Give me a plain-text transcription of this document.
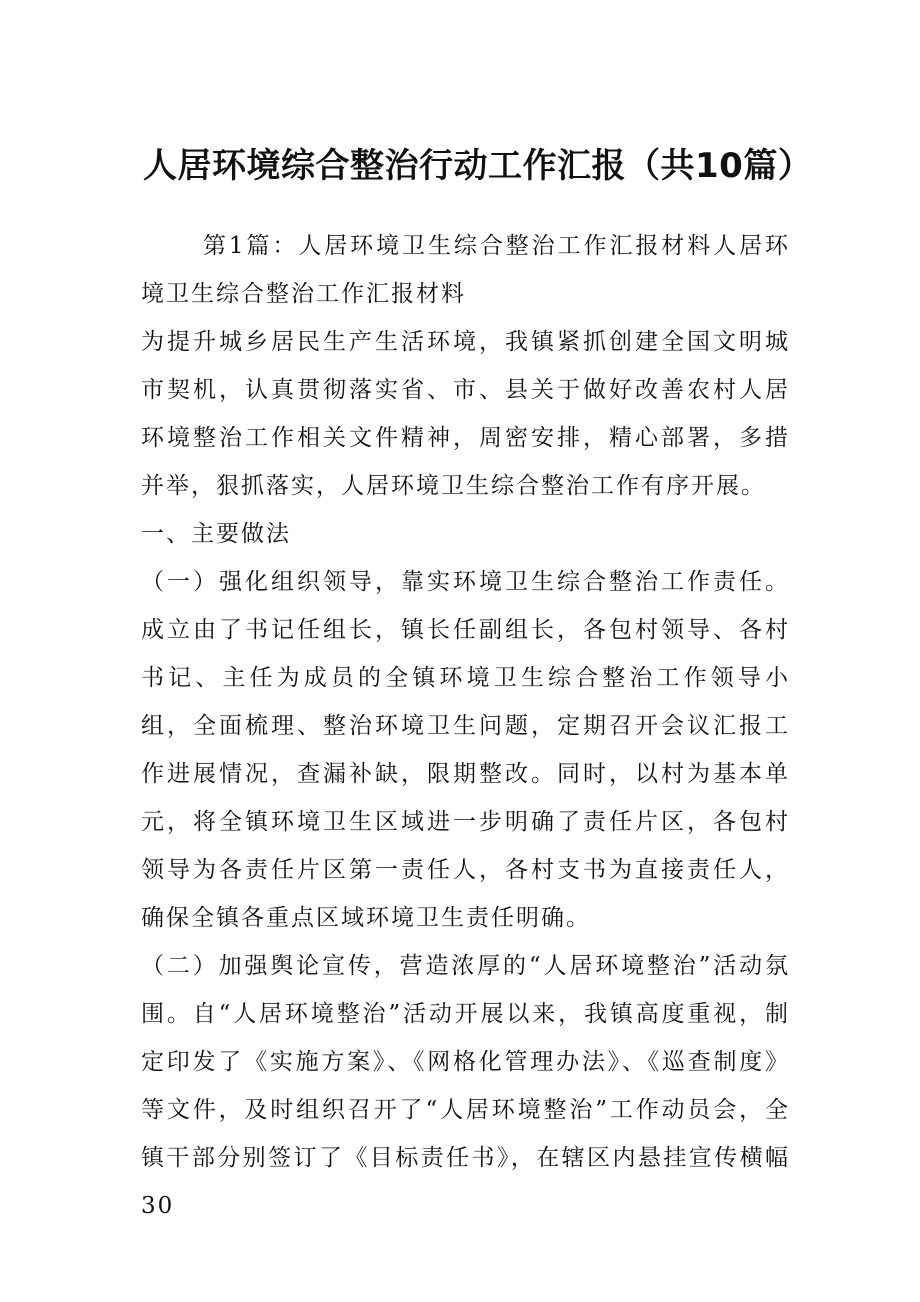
人居环境综合整治行动工作汇报（共10篇）

第1篇：人居环境卫生综合整治工作汇报材料人居环境卫生综合整治工作汇报材料

为提升城乡居民生产生活环境，我镇紧抓创建全国文明城市契机，认真贯彻落实省、市、县关于做好改善农村人居环境整治工作相关文件精神，周密安排，精心部署，多措并举，狠抓落实，人居环境卫生综合整治工作有序开展。

一、主要做法

（一）强化组织领导，靠实环境卫生综合整治工作责任。成立由了书记任组长，镇长任副组长，各包村领导、各村书记、主任为成员的全镇环境卫生综合整治工作领导小组，全面梳理、整治环境卫生问题，定期召开会议汇报工作进展情况，查漏补缺，限期整改。同时，以村为基本单元，将全镇环境卫生区域进一步明确了责任片区，各包村领导为各责任片区第一责任人，各村支书为直接责任人，确保全镇各重点区域环境卫生责任明确。

（二）加强舆论宣传，营造浓厚的“人居环境整治”活动氛围。自“人居环境整治”活动开展以来，我镇高度重视，制定印发了《实施方案》、《网格化管理办法》、《巡查制度》等文件，及时组织召开了“人居环境整治”工作动员会，全镇干部分别签订了《目标责任书》，在辖区内悬挂宣传横幅30
